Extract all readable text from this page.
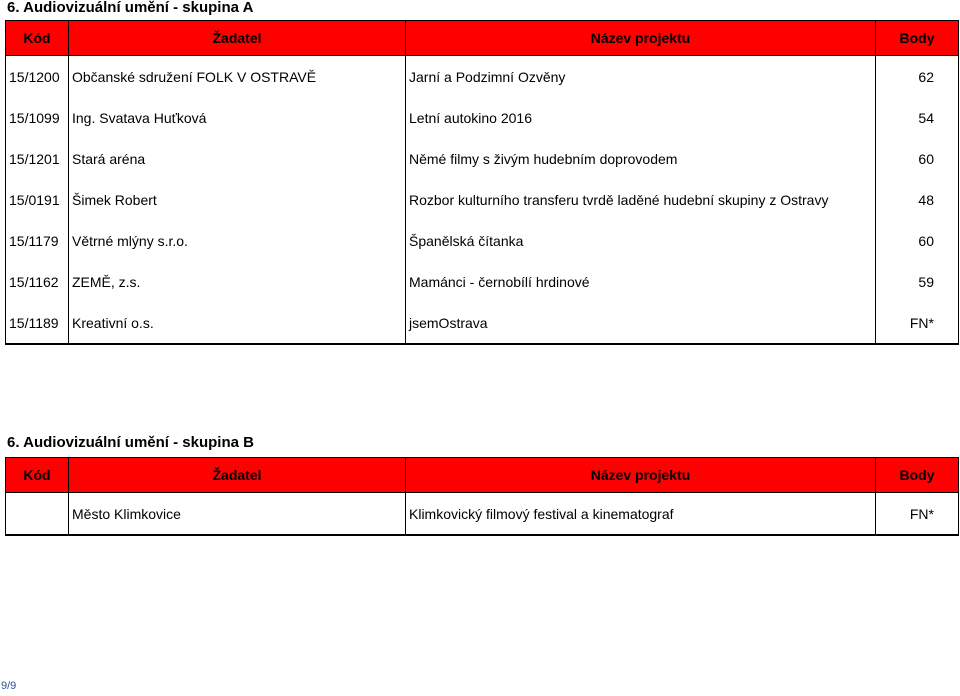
6. Audiovizuální umění - skupina A
Kód	Žadatel	Název projektu	Body
15/1200	Občanské sdružení FOLK V OSTRAVĚ	Jarní a Podzimní Ozvěny	62
15/1099	Ing. Svatava Huťková	Letní autokino 2016	54
15/1201	Stará aréna	Němé filmy s živým hudebním doprovodem	60
15/0191	Šimek Robert	Rozbor kulturního transferu tvrdě laděné hudební skupiny z Ostravy	48
15/1179	Větrné mlýny s.r.o.	Španělská čítanka	60
15/1162	ZEMĚ, z.s.	Mamánci - černobílí hrdinové	59
15/1189	Kreativní o.s.	jsemOstrava	FN*
6. Audiovizuální umění - skupina B
Kód	Žadatel	Název projektu	Body
	Město Klimkovice	Klimkovický filmový festival a kinematograf	FN*
9/9
